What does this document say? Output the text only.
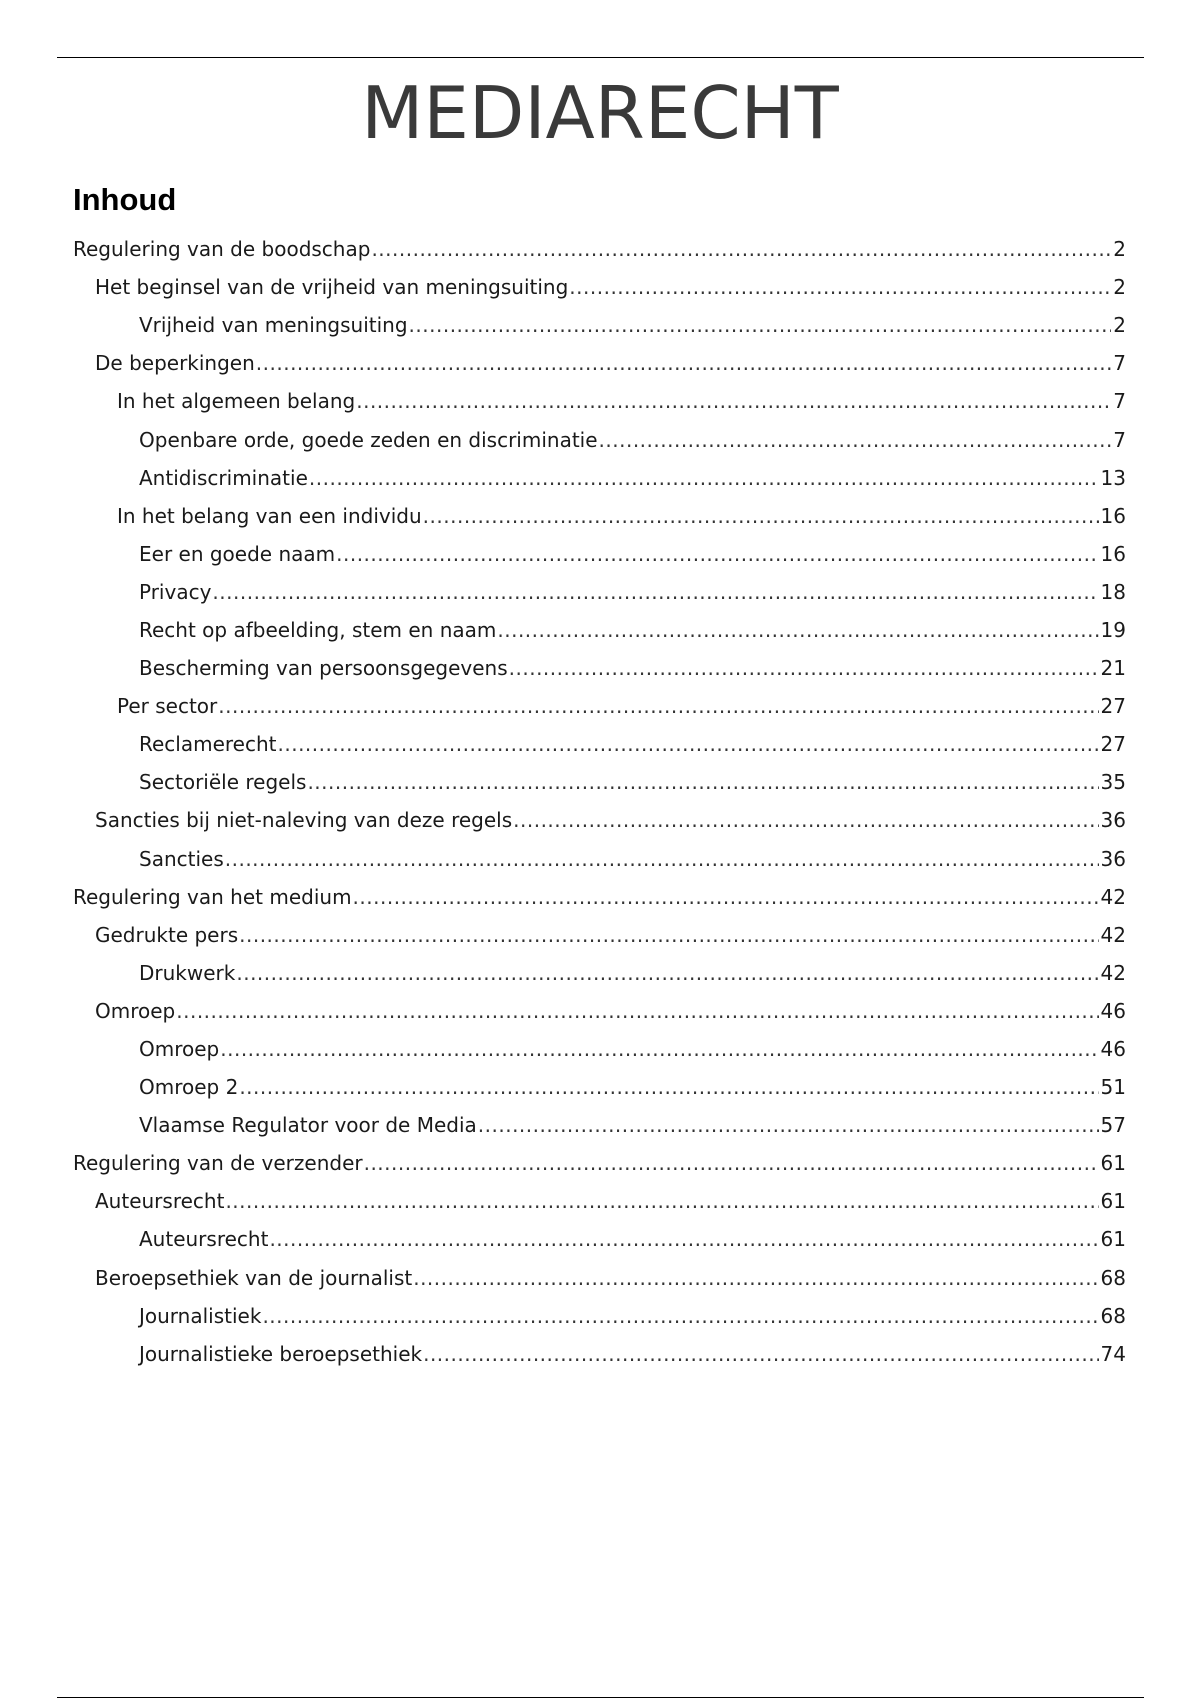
MEDIARECHT
Inhoud
Regulering van de boodschap .....	2
Het beginsel van de vrijheid van meningsuiting .....	2
Vrijheid van meningsuiting .....	2
De beperkingen .....	7
In het algemeen belang .....	7
Openbare orde, goede zeden en discriminatie .....	7
Antidiscriminatie .....	13
In het belang van een individu .....	16
Eer en goede naam .....	16
Privacy .....	18
Recht op afbeelding, stem en naam .....	19
Bescherming van persoonsgegevens .....	21
Per sector .....	27
Reclamerecht .....	27
Sectoriële regels .....	35
Sancties bij niet-naleving van deze regels .....	36
Sancties .....	36
Regulering van het medium .....	42
Gedrukte pers .....	42
Drukwerk .....	42
Omroep .....	46
Omroep .....	46
Omroep 2 .....	51
Vlaamse Regulator voor de Media .....	57
Regulering van de verzender .....	61
Auteursrecht .....	61
Auteursrecht .....	61
Beroepsethiek van de journalist .....	68
Journalistiek .....	68
Journalistieke beroepsethiek .....	74
